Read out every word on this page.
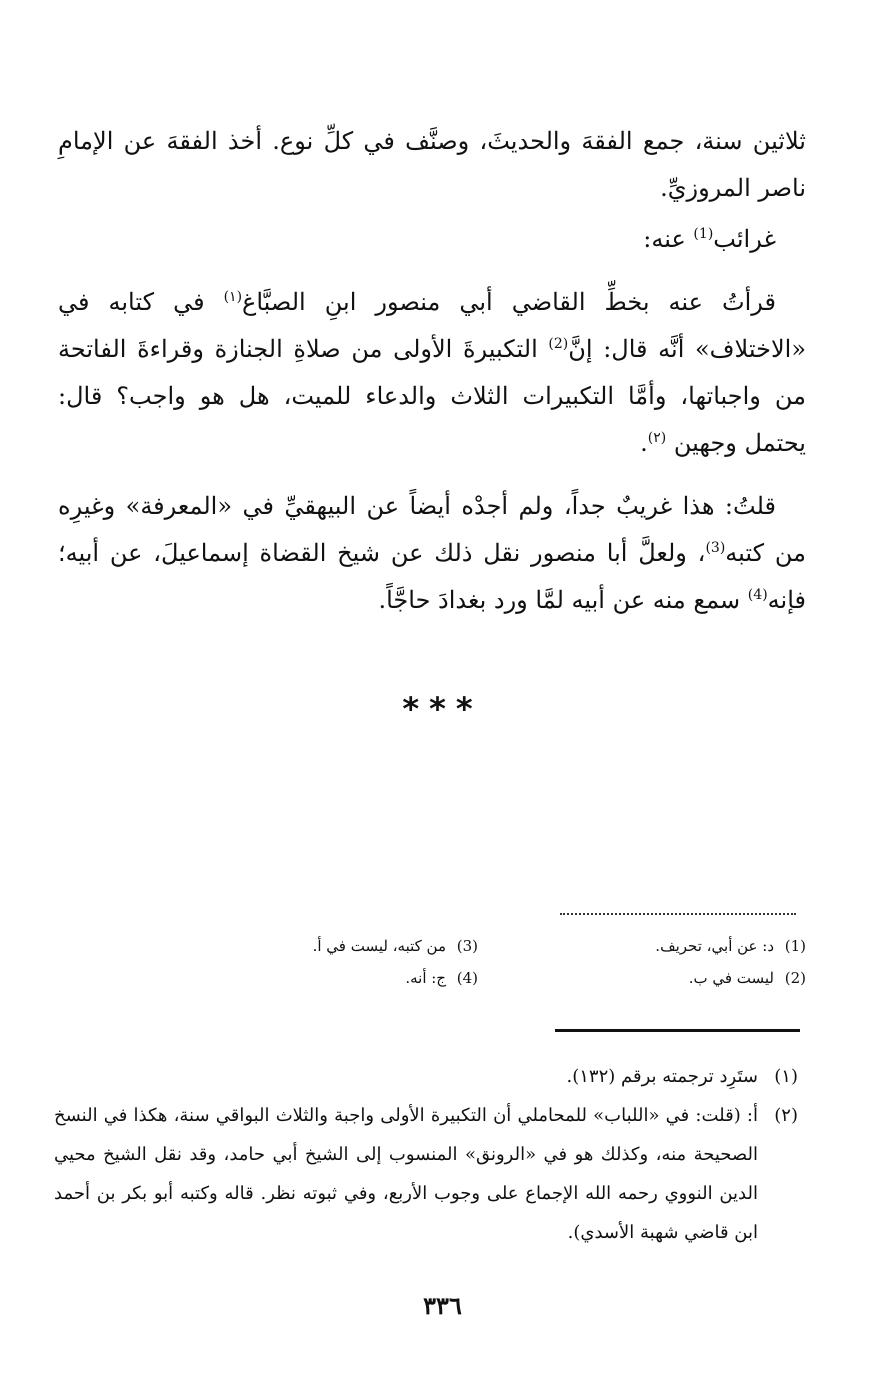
ثلاثين سنة، جمع الفقهَ والحديثَ، وصنَّف في كلِّ نوع. أخذ الفقهَ عن الإمامِ ناصر المروزيِّ.

غرائب$^{(1)}$ عنه:

قرأتُ عنه بخطِّ القاضي أبي منصور ابنِ الصبَّاغ$^{(١)}$ في كتابه في «الاختلاف» أنَّه قال: إنَّ$^{(2)}$ التكبيرةَ الأولى من صلاةِ الجنازة وقراءةَ الفاتحة من واجباتها، وأمَّا التكبيرات الثلاث والدعاء للميت، هل هو واجب؟ قال: يحتمل وجهين $^{(٢)}$.

قلتُ: هذا غريبٌ جداً، ولم أجدْه أيضاً عن البيهقيِّ في «المعرفة» وغيرِه من كتبه$^{(3)}$، ولعلَّ أبا منصور نقل ذلك عن شيخ القضاة إسماعيلَ، عن أبيه؛ فإنه$^{(4)}$ سمع منه عن أبيه لمَّا ورد بغدادَ حاجَّاً.

***
(1)د: عن أبي، تحريف.
(3)من كتبه، ليست في أ.
(2)ليست في ب.
(4)ج: أنه.

(١)ستَرِد ترجمته برقم (١٣٢).

(٢)أ: (قلت: في «اللباب» للمحاملي أن التكبيرة الأولى واجبة والثلاث البواقي سنة، هكذا في النسخ الصحيحة منه، وكذلك هو في «الرونق» المنسوب إلى الشيخ أبي حامد، وقد نقل الشيخ محيي الدين النووي رحمه الله الإجماع على وجوب الأربع، وفي ثبوته نظر. قاله وكتبه أبو بكر بن أحمد ابن قاضي شهبة الأسدي).

٣٣٦
